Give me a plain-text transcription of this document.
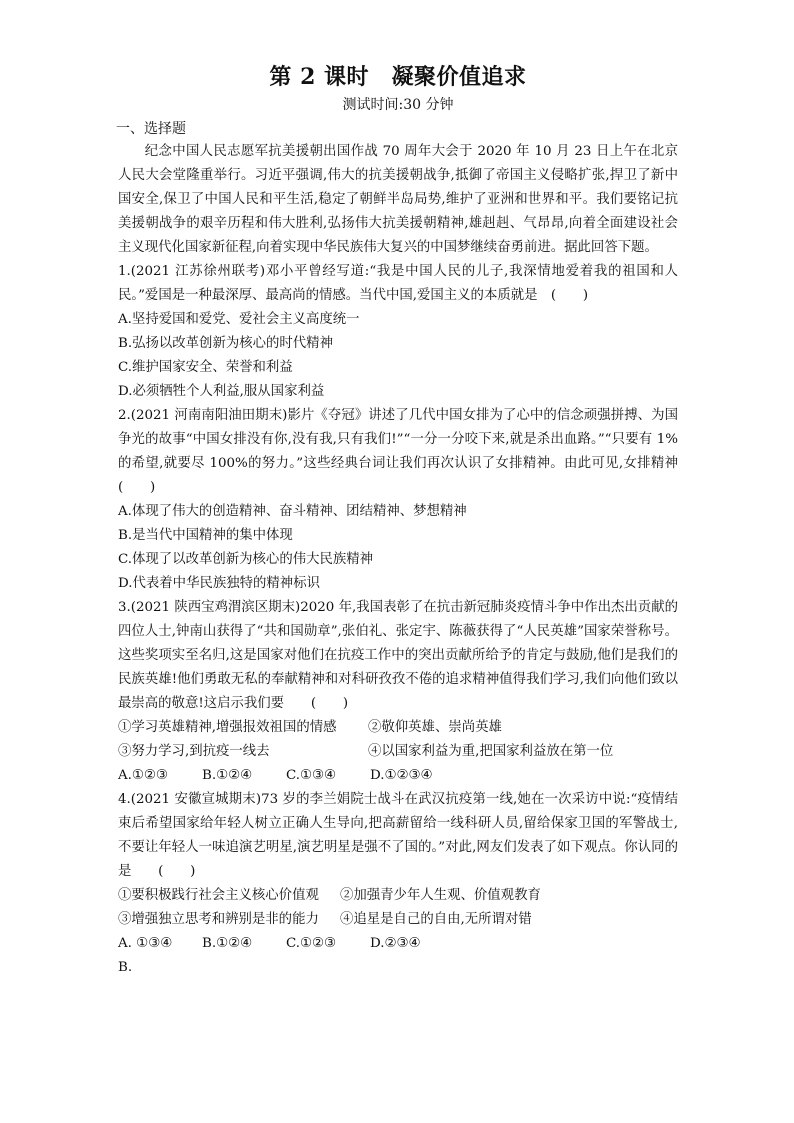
第 2 课时　凝聚价值追求

测试时间:30 分钟

一、选择题

纪念中国人民志愿军抗美援朝出国作战 70 周年大会于 2020 年 10 月 23 日上午在北京人民大会堂隆重举行。习近平强调,伟大的抗美援朝战争,抵御了帝国主义侵略扩张,捍卫了新中国安全,保卫了中国人民和平生活,稳定了朝鲜半岛局势,维护了亚洲和世界和平。我们要铭记抗美援朝战争的艰辛历程和伟大胜利,弘扬伟大抗美援朝精神,雄赳赳、气昂昂,向着全面建设社会主义现代化国家新征程,向着实现中华民族伟大复兴的中国梦继续奋勇前进。据此回答下题。

1.(2021 江苏徐州联考)邓小平曾经写道:“我是中国人民的儿子,我深情地爱着我的祖国和人民。”爱国是一种最深厚、最高尚的情感。当代中国,爱国主义的本质就是　(　　)

A.坚持爱国和爱党、爱社会主义高度统一

B.弘扬以改革创新为核心的时代精神

C.维护国家安全、荣誉和利益

D.必须牺牲个人利益,服从国家利益

2.(2021 河南南阳油田期末)影片《夺冠》讲述了几代中国女排为了心中的信念顽强拼搏、为国争光的故事“中国女排没有你,没有我,只有我们!”“一分一分咬下来,就是杀出血路。”“只要有 1%的希望,就要尽 100%的努力。”这些经典台词让我们再次认识了女排精神。由此可见,女排精神　(　　)

A.体现了伟大的创造精神、奋斗精神、团结精神、梦想精神

B.是当代中国精神的集中体现

C.体现了以改革创新为核心的伟大民族精神

D.代表着中华民族独特的精神标识

3.(2021 陕西宝鸡渭滨区期末)2020 年,我国表彰了在抗击新冠肺炎疫情斗争中作出杰出贡献的四位人士,钟南山获得了“共和国勋章”,张伯礼、张定宇、陈薇获得了“人民英雄”国家荣誉称号。这些奖项实至名归,这是国家对他们在抗疫工作中的突出贡献所给予的肯定与鼓励,他们是我们的民族英雄!他们勇敢无私的奉献精神和对科研孜孜不倦的追求精神值得我们学习,我们向他们致以最崇高的敬意!这启示我们要　　(　　)

①学习英雄精神,增强报效祖国的情感	②敬仰英雄、崇尚英雄
③努力学习,到抗疫一线去	④以国家利益为重,把国家利益放在第一位
A.①②③	B.①②④	C.①③④	D.①②③④

4.(2021 安徽宣城期末)73 岁的李兰娟院士战斗在武汉抗疫第一线,她在一次采访中说:“疫情结束后希望国家给年轻人树立正确人生导向,把高薪留给一线科研人员,留给保家卫国的军警战士,不要让年轻人一味追演艺明星,演艺明星是强不了国的。”对此,网友们发表了如下观点。你认同的是　　(　　)

①要积极践行社会主义核心价值观	②加强青少年人生观、价值观教育
③增强独立思考和辨别是非的能力	④追星是自己的自由,无所谓对错
A. ①③④	B.①②④	C.①②③	D.②③④

B.
